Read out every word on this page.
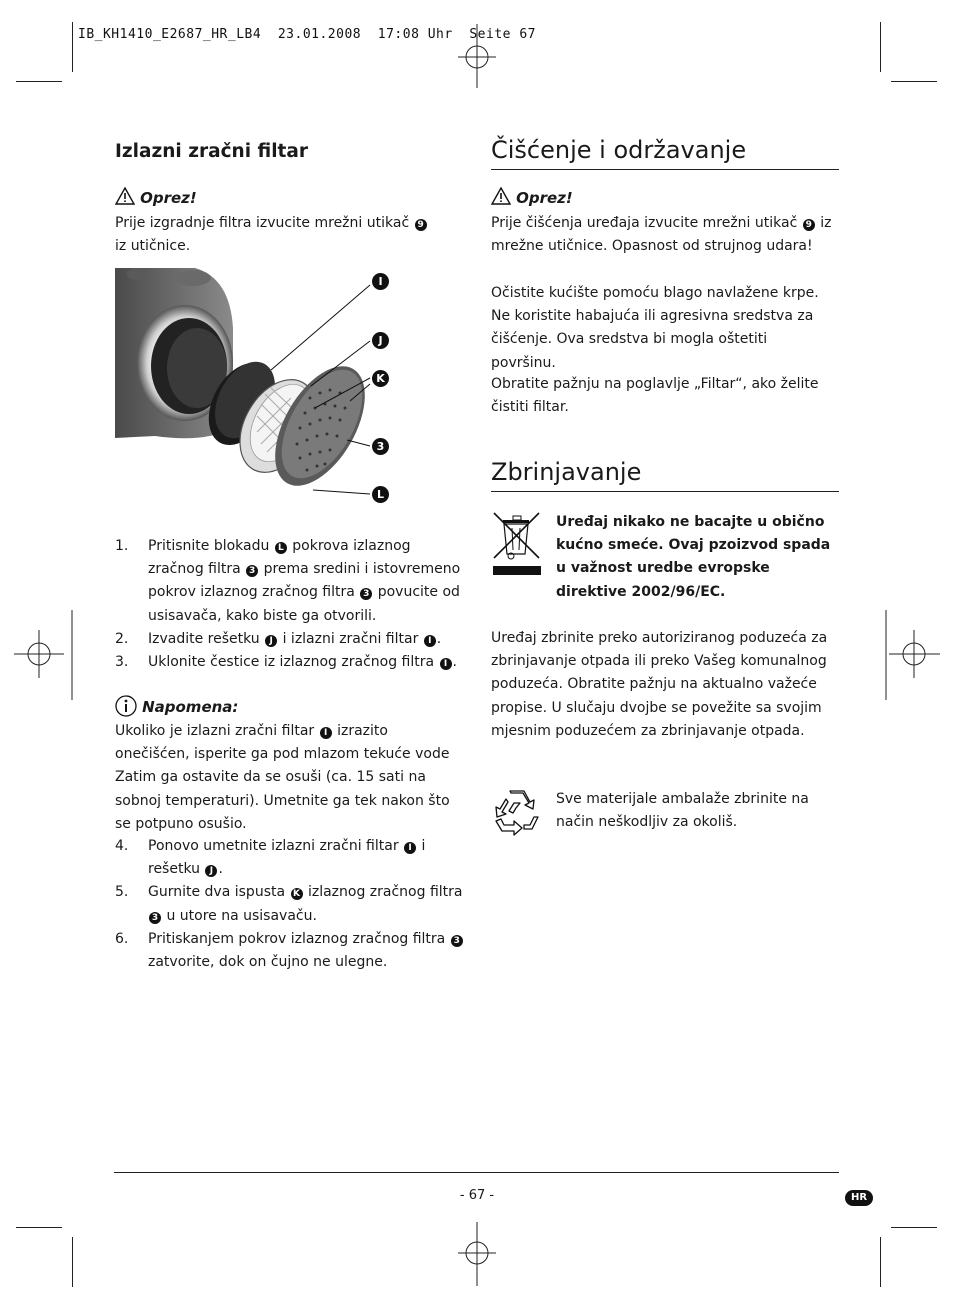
IB_KH1410_E2687_HR_LB4  23.01.2008  17:08 Uhr  Seite 67
Izlazni zračni filtar
Oprez!
Prije izgradnje filtra izvucite mrežni utikač 9
iz utičnice.
I
J
K
3
L
1. Pritisnite blokadu L pokrova izlaznog zračnog filtra 3 prema sredini i istovremeno pokrov izlaznog zračnog filtra 3 povucite od usisavača, kako biste ga otvorili.
2. Izvadite rešetku J i izlazni zračni filtar I .
3. Uklonite čestice iz izlaznog zračnog filtra I .
Napomena:
Ukoliko je izlazni zračni filtar I izrazito onečišćen, isperite ga pod mlazom tekuće vode Zatim ga ostavite da se osuši (ca. 15 sati na sobnoj temperaturi). Umetnite ga tek nakon što se potpuno osušio.
4. Ponovo umetnite izlazni zračni filtar I i rešetku J .
5. Gurnite dva ispusta K izlaznog zračnog filtra 3 u utore na usisavaču.
6. Pritiskanjem pokrov izlaznog zračnog filtra 3 zatvorite, dok on čujno ne ulegne.
Čišćenje i održavanje
Oprez!
Prije čišćenja uređaja izvucite mrežni utikač 9 iz mrežne utičnice. Opasnost od strujnog udara!
Očistite kućište pomoću blago navlažene krpe. Ne koristite habajuća ili agresivna sredstva za čišćenje. Ova sredstva bi mogla oštetiti površinu.
Obratite pažnju na poglavlje „Filtar“, ako želite čistiti filtar.
Zbrinjavanje
Uređaj nikako ne bacajte u obično kućno smeće. Ovaj pzoizvod spada u važnost uredbe evropske direktive 2002/96/EC.
Uređaj zbrinite preko autoriziranog poduzeća za zbrinjavanje otpada ili preko Vašeg komunalnog poduzeća. Obratite pažnju na aktualno važeće propise. U slučaju dvojbe se povežite sa svojim mjesnim poduzećem za zbrinjavanje otpada.
Sve materijale ambalaže zbrinite na način neškodljiv za okoliš.
- 67 -	HR
